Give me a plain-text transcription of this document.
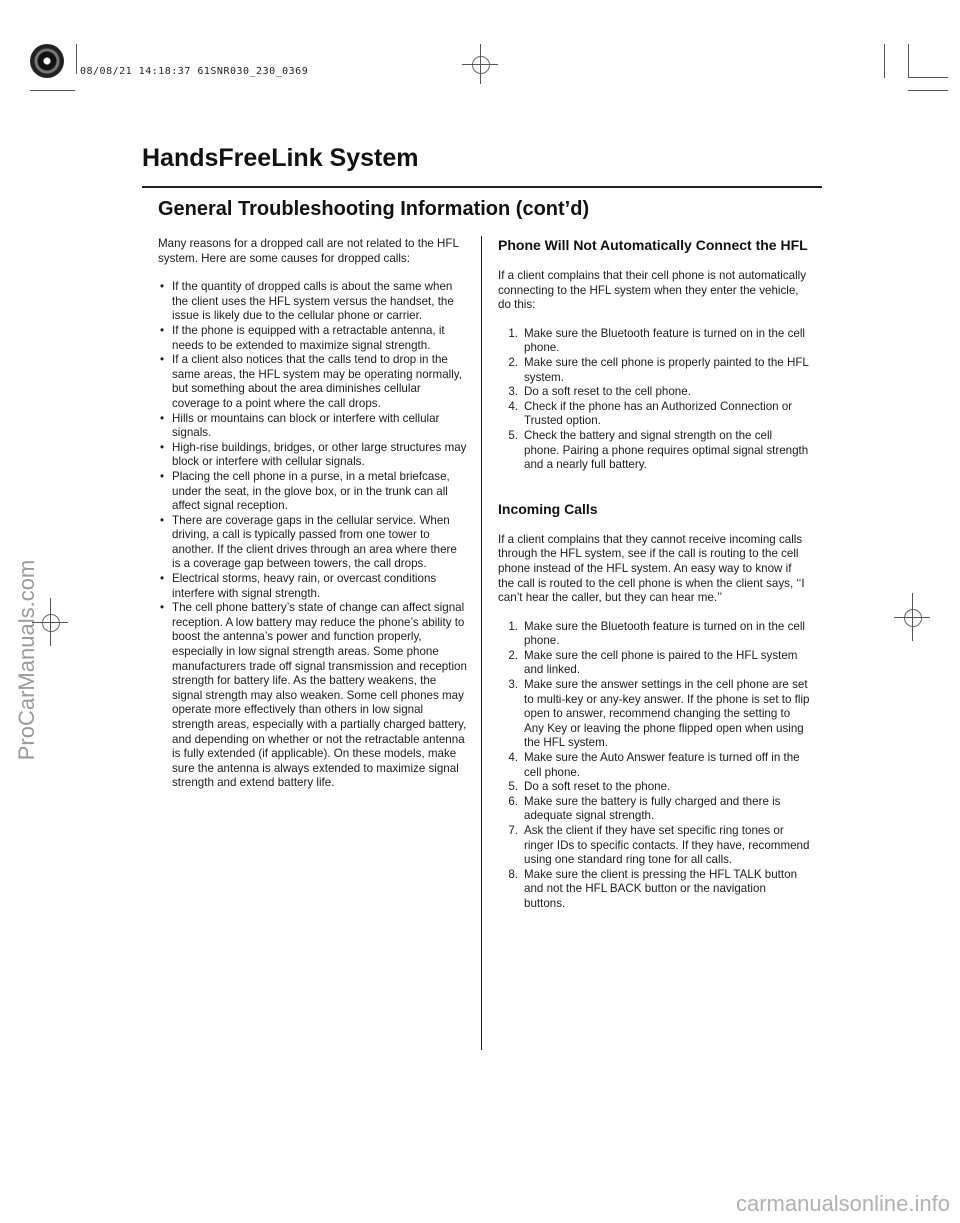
08/08/21 14:18:37 61SNR030_230_0369
ProCarManuals.com
carmanualsonline.info
HandsFreeLink System
General Troubleshooting Information (cont’d)

Many reasons for a dropped call are not related to the HFL system. Here are some causes for dropped calls:

• If the quantity of dropped calls is about the same when the client uses the HFL system versus the handset, the issue is likely due to the cellular phone or carrier.
• If the phone is equipped with a retractable antenna, it needs to be extended to maximize signal strength.
• If a client also notices that the calls tend to drop in the same areas, the HFL system may be operating normally, but something about the area diminishes cellular coverage to a point where the call drops.
• Hills or mountains can block or interfere with cellular signals.
• High-rise buildings, bridges, or other large structures may block or interfere with cellular signals.
• Placing the cell phone in a purse, in a metal briefcase, under the seat, in the glove box, or in the trunk can all affect signal reception.
• There are coverage gaps in the cellular service. When driving, a call is typically passed from one tower to another. If the client drives through an area where there is a coverage gap between towers, the call drops.
• Electrical storms, heavy rain, or overcast conditions interfere with signal strength.
• The cell phone battery’s state of change can affect signal reception. A low battery may reduce the phone’s ability to boost the antenna’s power and function properly, especially in low signal strength areas. Some phone manufacturers trade off signal transmission and reception strength for battery life. As the battery weakens, the signal strength may also weaken. Some cell phones may operate more effectively than others in low signal strength areas, especially with a partially charged battery, and depending on whether or not the retractable antenna is fully extended (if applicable). On these models, make sure the antenna is always extended to maximize signal strength and extend battery life.
Phone Will Not Automatically Connect the HFL

If a client complains that their cell phone is not automatically connecting to the HFL system when they enter the vehicle, do this:

1. Make sure the Bluetooth feature is turned on in the cell phone.
2. Make sure the cell phone is properly painted to the HFL system.
3. Do a soft reset to the cell phone.
4. Check if the phone has an Authorized Connection or Trusted option.
5. Check the battery and signal strength on the cell phone. Pairing a phone requires optimal signal strength and a nearly full battery.
Incoming Calls

If a client complains that they cannot receive incoming calls through the HFL system, see if the call is routing to the cell phone instead of the HFL system. An easy way to know if the call is routed to the cell phone is when the client says, ‘‘I can’t hear the caller, but they can hear me.’’

1. Make sure the Bluetooth feature is turned on in the cell phone.
2. Make sure the cell phone is paired to the HFL system and linked.
3. Make sure the answer settings in the cell phone are set to multi-key or any-key answer. If the phone is set to flip open to answer, recommend changing the setting to Any Key or leaving the phone flipped open when using the HFL system.
4. Make sure the Auto Answer feature is turned off in the cell phone.
5. Do a soft reset to the phone.
6. Make sure the battery is fully charged and there is adequate signal strength.
7. Ask the client if they have set specific ring tones or ringer IDs to specific contacts. If they have, recommend using one standard ring tone for all calls.
8. Make sure the client is pressing the HFL TALK button and not the HFL BACK button or the navigation buttons.
